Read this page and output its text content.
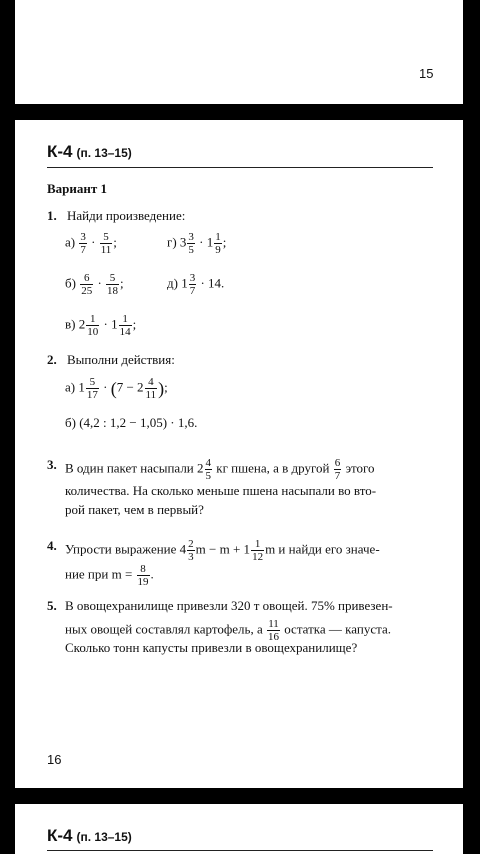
15
К-4 (п. 13–15)
Вариант 1
1. Найди произведение:
$а) \frac{3}{7} \cdot \frac{5}{11}$ ;	г) $3 \frac{3}{5} \cdot 1 \frac{1}{9}$ ;
$б) \frac{6}{25} \cdot \frac{5}{18}$ ;	д) $1 \frac{3}{7} \cdot 14$.
в) $2 \frac{1}{10} \cdot 1 \frac{1}{14}$ ;
2. Выполни действия:
а) $1 \frac{5}{17} \cdot (7 - 2 \frac{4}{11}$ );
б) (4,2 : 1,2 − 1,05) · 1,6.
3. В один пакет насыпали $2 \frac{4}{5}$ кг пшена, а в другой $\frac{6}{7}$ этого
количества. На сколько меньше пшена насыпали во вто-
рой пакет, чем в первый?
4. Упрости выражение $4 \frac{2}{3}$ $m - m + 1 \frac{1}{12}$ m и найди его значе-
ние при $m = \frac{8}{19}$ .
5. В овощехранилище привезли 320 т овощей. 75% привезен-
ных овощей составлял картофель, а $\frac{11}{16}$ остатка — капуста.
Сколько тонн капусты привезли в овощехранилище?
16
К-4 (п. 13–15)
